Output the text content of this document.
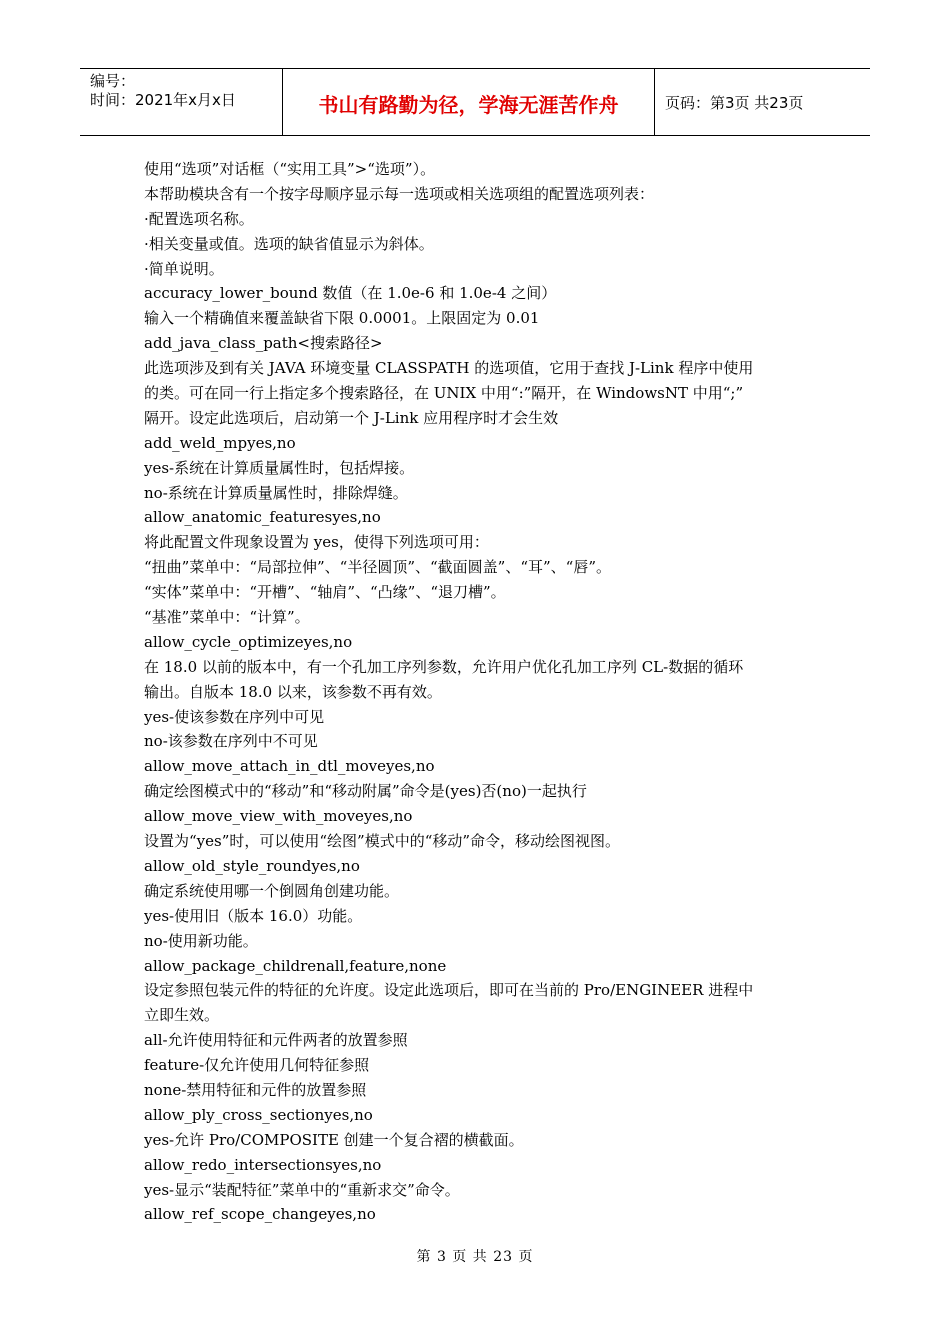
编号：
时间：2021年x月x日	书山有路勤为径，学海无涯苦作舟	页码：第3页 共23页
使用“选项”对话框（“实用工具”>“选项”）。
本帮助模块含有一个按字母顺序显示每一选项或相关选项组的配置选项列表：
·配置选项名称。
·相关变量或值。选项的缺省值显示为斜体。
·简单说明。
accuracy_lower_bound 数值（在 1.0e-6 和 1.0e-4 之间）
输入一个精确值来覆盖缺省下限 0.0001。上限固定为 0.01
add_java_class_path<搜索路径>
此选项涉及到有关 JAVA 环境变量 CLASSPATH 的选项值，它用于查找 J-Link 程序中使用
的类。可在同一行上指定多个搜索路径，在 UNIX 中用“:”隔开，在 WindowsNT 中用“;”
隔开。设定此选项后，启动第一个 J-Link 应用程序时才会生效
add_weld_mpyes,no
yes-系统在计算质量属性时，包括焊接。
no-系统在计算质量属性时，排除焊缝。
allow_anatomic_featuresyes,no
将此配置文件现象设置为 yes，使得下列选项可用：
“扭曲”菜单中：“局部拉伸”、“半径圆顶”、“截面圆盖”、“耳”、“唇”。
“实体”菜单中：“开槽”、“轴肩”、“凸缘”、“退刀槽”。
“基准”菜单中：“计算”。
allow_cycle_optimizeyes,no
在 18.0 以前的版本中，有一个孔加工序列参数，允许用户优化孔加工序列 CL-数据的循环
输出。自版本 18.0 以来，该参数不再有效。
yes-使该参数在序列中可见
no-该参数在序列中不可见
allow_move_attach_in_dtl_moveyes,no
确定绘图模式中的“移动”和“移动附属”命令是(yes)否(no)一起执行
allow_move_view_with_moveyes,no
设置为“yes”时，可以使用“绘图”模式中的“移动”命令，移动绘图视图。
allow_old_style_roundyes,no
确定系统使用哪一个倒圆角创建功能。
yes-使用旧（版本 16.0）功能。
no-使用新功能。
allow_package_childrenall,feature,none
设定参照包装元件的特征的允许度。设定此选项后，即可在当前的 Pro/ENGINEER 进程中
立即生效。
all-允许使用特征和元件两者的放置参照
feature-仅允许使用几何特征参照
none-禁用特征和元件的放置参照
allow_ply_cross_sectionyes,no
yes-允许 Pro/COMPOSITE 创建一个复合褶的横截面。
allow_redo_intersectionsyes,no
yes-显示“装配特征”菜单中的“重新求交”命令。
allow_ref_scope_changeyes,no
第 3 页 共 23 页
